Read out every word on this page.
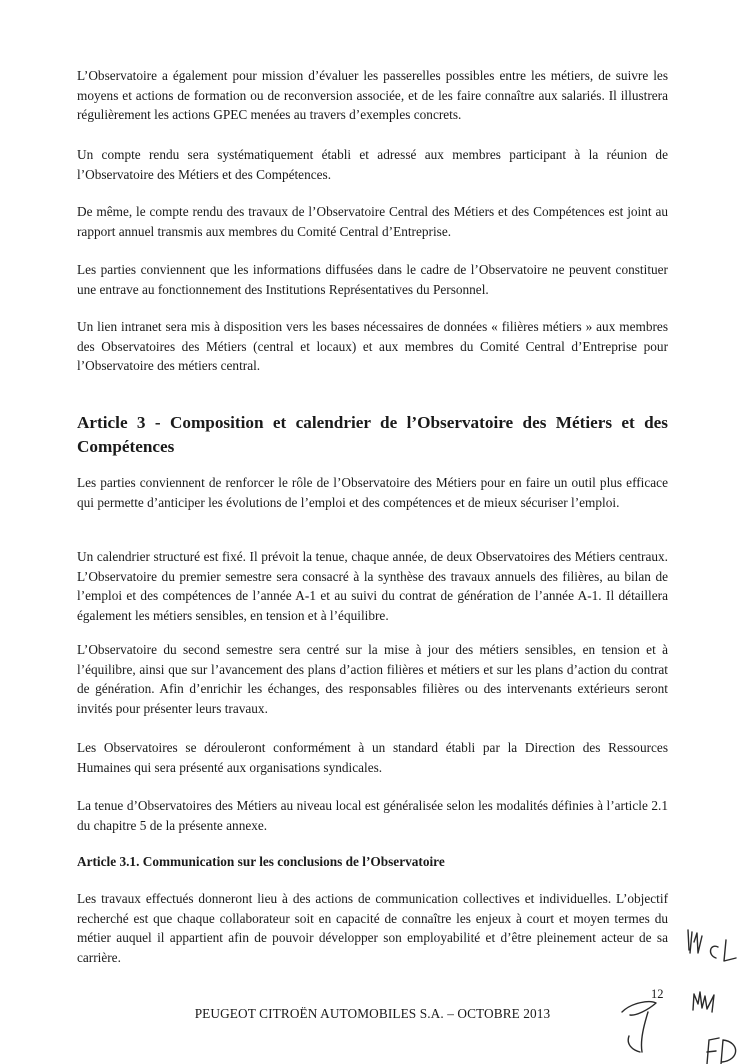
L’Observatoire a également pour mission d’évaluer les passerelles possibles entre les métiers, de suivre les moyens et actions de formation ou de reconversion associée, et de les faire connaître aux salariés. Il illustrera régulièrement les actions GPEC menées au travers d’exemples concrets.

Un compte rendu sera systématiquement établi et adressé aux membres participant à la réunion de l’Observatoire des Métiers et des Compétences.

De même, le compte rendu des travaux de l’Observatoire Central des Métiers et des Compétences est joint au rapport annuel transmis aux membres du Comité Central d’Entreprise.

Les parties conviennent que les informations diffusées dans le cadre de l’Observatoire ne peuvent constituer une entrave au fonctionnement des Institutions Représentatives du Personnel.

Un lien intranet sera mis à disposition vers les bases nécessaires de données « filières métiers » aux membres des Observatoires des Métiers (central et locaux) et aux membres du Comité Central d’Entreprise pour l’Observatoire des métiers central.

Article 3 - Composition et calendrier de l’Observatoire des Métiers et des Compétences

Les parties conviennent de renforcer le rôle de l’Observatoire des Métiers pour en faire un outil plus efficace qui permette d’anticiper les évolutions de l’emploi et des compétences et de mieux sécuriser l’emploi.

Un calendrier structuré est fixé. Il prévoit la tenue, chaque année, de deux Observatoires des Métiers centraux. L’Observatoire du premier semestre sera consacré à la synthèse des travaux annuels des filières, au bilan de l’emploi et des compétences de l’année A-1 et au suivi du contrat de génération de l’année A-1. Il détaillera également les métiers sensibles, en tension et à l’équilibre.

L’Observatoire du second semestre sera centré sur la mise à jour des métiers sensibles, en tension et à l’équilibre, ainsi que sur l’avancement des plans d’action filières et métiers et sur les plans d’action du contrat de génération. Afin d’enrichir les échanges, des responsables filières ou des intervenants extérieurs seront invités pour présenter leurs travaux.

Les Observatoires se dérouleront conformément à un standard établi par la Direction des Ressources Humaines qui sera présenté aux organisations syndicales.

La tenue d’Observatoires des Métiers au niveau local est généralisée selon les modalités définies à l’article 2.1 du chapitre 5 de la présente annexe.

Article 3.1. Communication sur les conclusions de l’Observatoire

Les travaux effectués donneront lieu à des actions de communication collectives et individuelles. L’objectif recherché est que chaque collaborateur soit en capacité de connaître les enjeux à court et moyen termes du métier auquel il appartient afin de pouvoir développer son employabilité et d’être pleinement acteur de sa carrière.

12
PEUGEOT CITROËN AUTOMOBILES S.A. – OCTOBRE 2013
